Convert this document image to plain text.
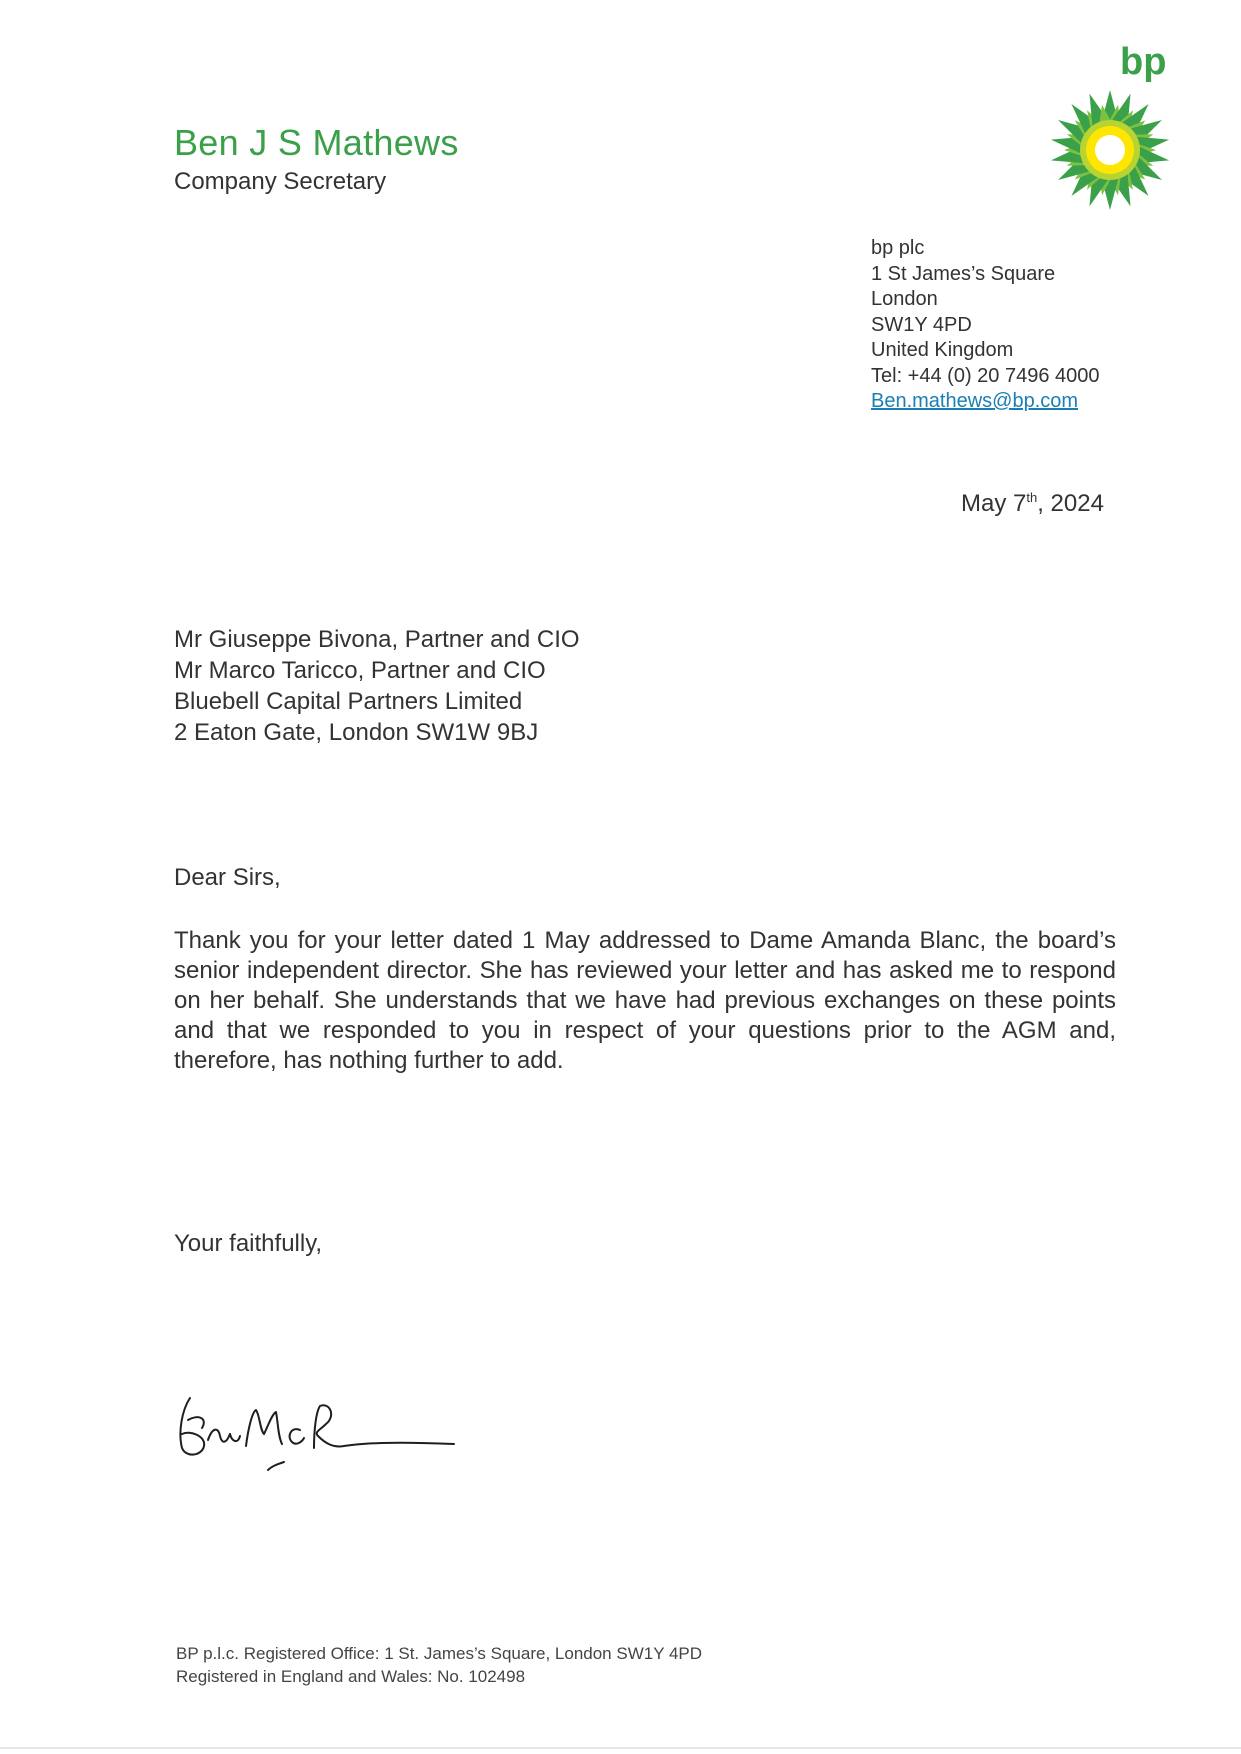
Ben J S Mathews
Company Secretary
bp
bp plc
1 St James’s Square
London
SW1Y 4PD
United Kingdom
Tel: +44 (0) 20 7496 4000
Ben.mathews@bp.com
May 7th, 2024
Mr Giuseppe Bivona, Partner and CIO
Mr Marco Taricco, Partner and CIO
Bluebell Capital Partners Limited
2 Eaton Gate, London SW1W 9BJ
Dear Sirs,
Thank you for your letter dated 1 May addressed to Dame Amanda Blanc, the board’s senior independent director. She has reviewed your letter and has asked me to respond on her behalf. She understands that we have had previous exchanges on these points and that we responded to you in respect of your questions prior to the AGM and, therefore, has nothing further to add.
Your faithfully,
BP p.l.c. Registered Office: 1 St. James’s Square, London SW1Y 4PD
Registered in England and Wales: No. 102498
